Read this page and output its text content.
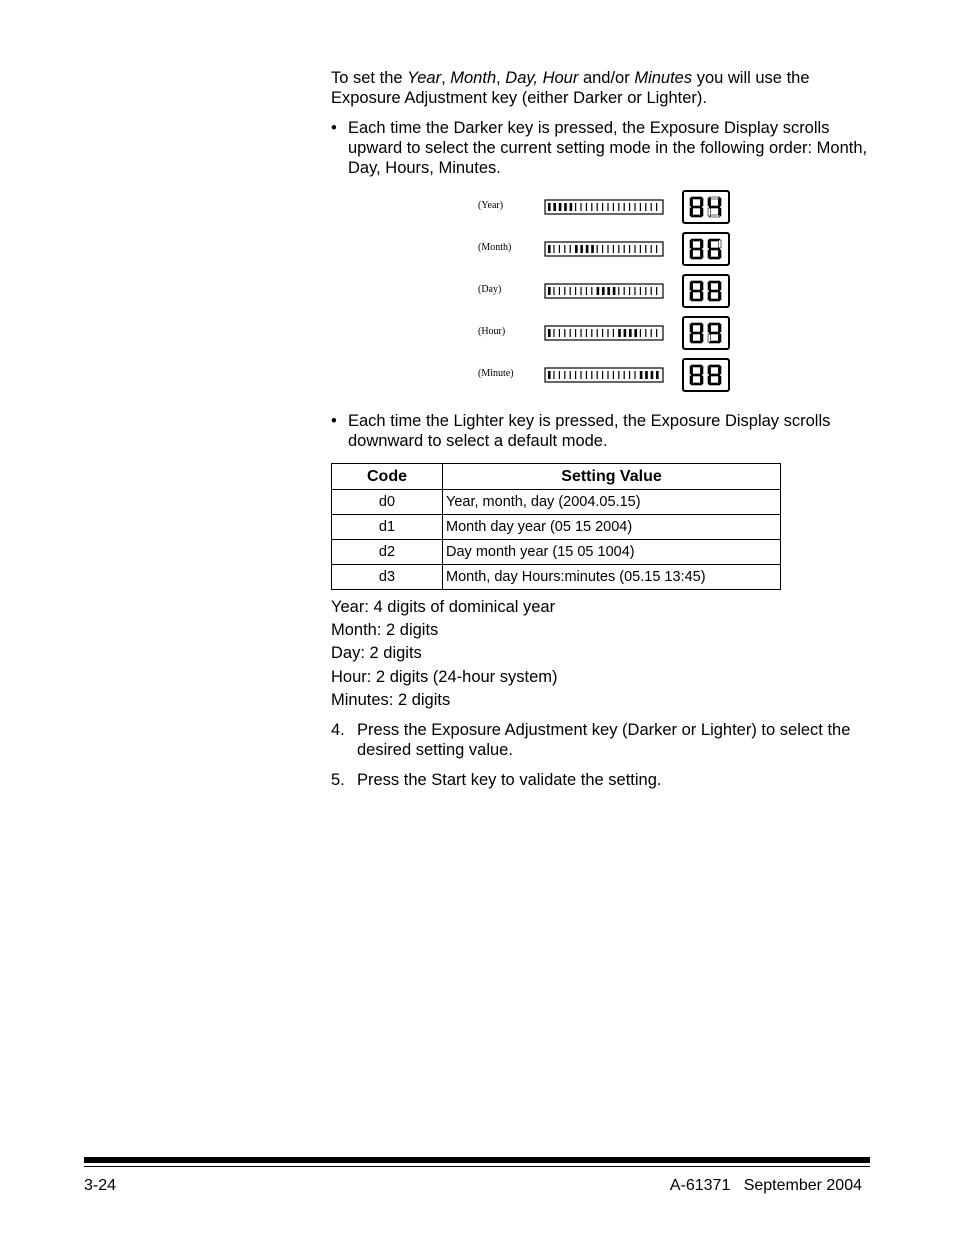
To set the Year, Month, Day, Hour and/or Minutes you will use the Exposure Adjustment key (either Darker or Lighter).

• Each time the Darker key is pressed, the Exposure Display scrolls upward to select the current setting mode in the following order: Month, Day, Hours, Minutes.
(Year)
(Month)
(Day)
(Hour)
(Minute)
• Each time the Lighter key is pressed, the Exposure Display scrolls downward to select a default mode.
Code	Setting Value
d0	Year, month, day (2004.05.15)
d1	Month day year (05 15 2004)
d2	Day month year (15 05 1004)
d3	Month, day Hours:minutes (05.15 13:45)
Year: 4 digits of dominical year
Month: 2 digits
Day: 2 digits
Hour: 2 digits (24-hour system)
Minutes: 2 digits
4. Press the Exposure Adjustment key (Darker or Lighter) to select the desired setting value.
5. Press the Start key to validate the setting.
3-24	A-61371   September 2004
